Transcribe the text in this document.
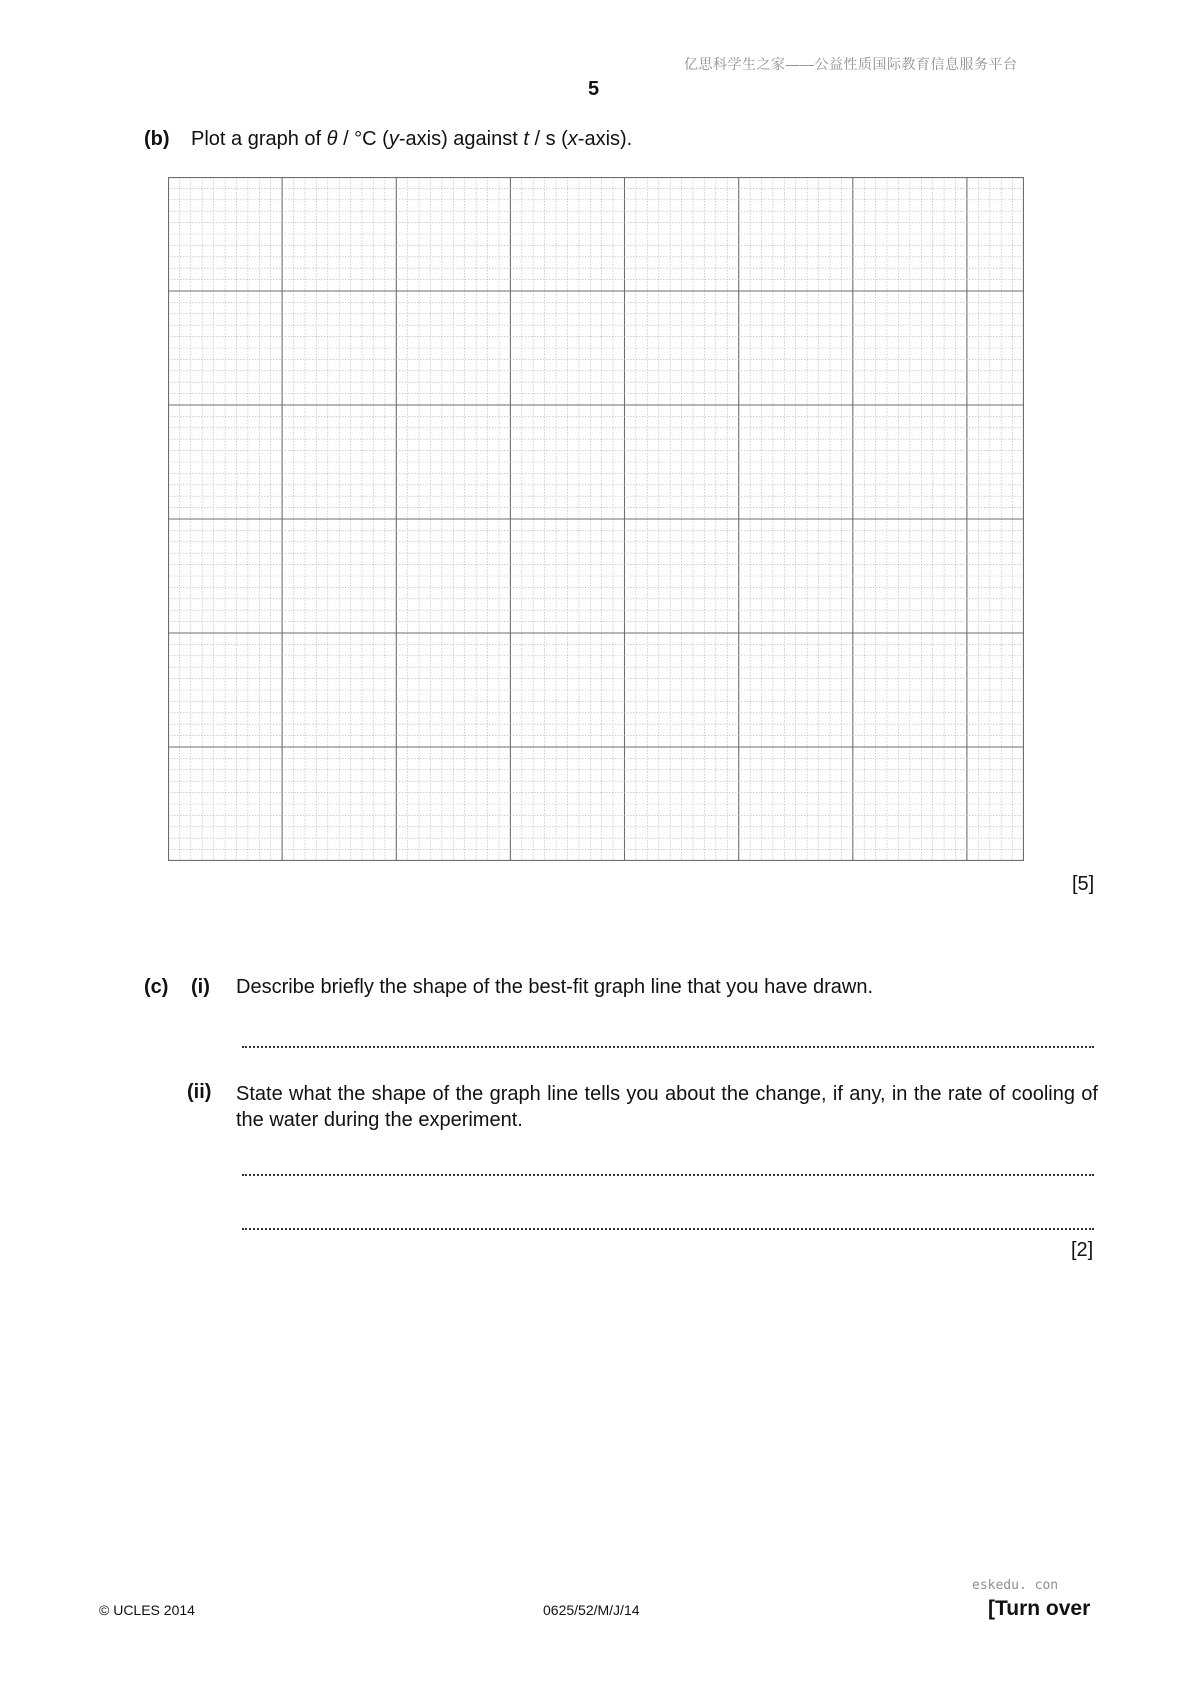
亿思科学生之家——公益性质国际教育信息服务平台
5
(b) Plot a graph of θ / °C (y-axis) against t / s (x-axis).
[5]
(c) (i) Describe briefly the shape of the best-fit graph line that you have drawn.
(ii) State what the shape of the graph line tells you about the change, if any, in the rate of cooling of the water during the experiment.
[2]
eskedu. con
© UCLES 2014	0625/52/M/J/14	[Turn over
